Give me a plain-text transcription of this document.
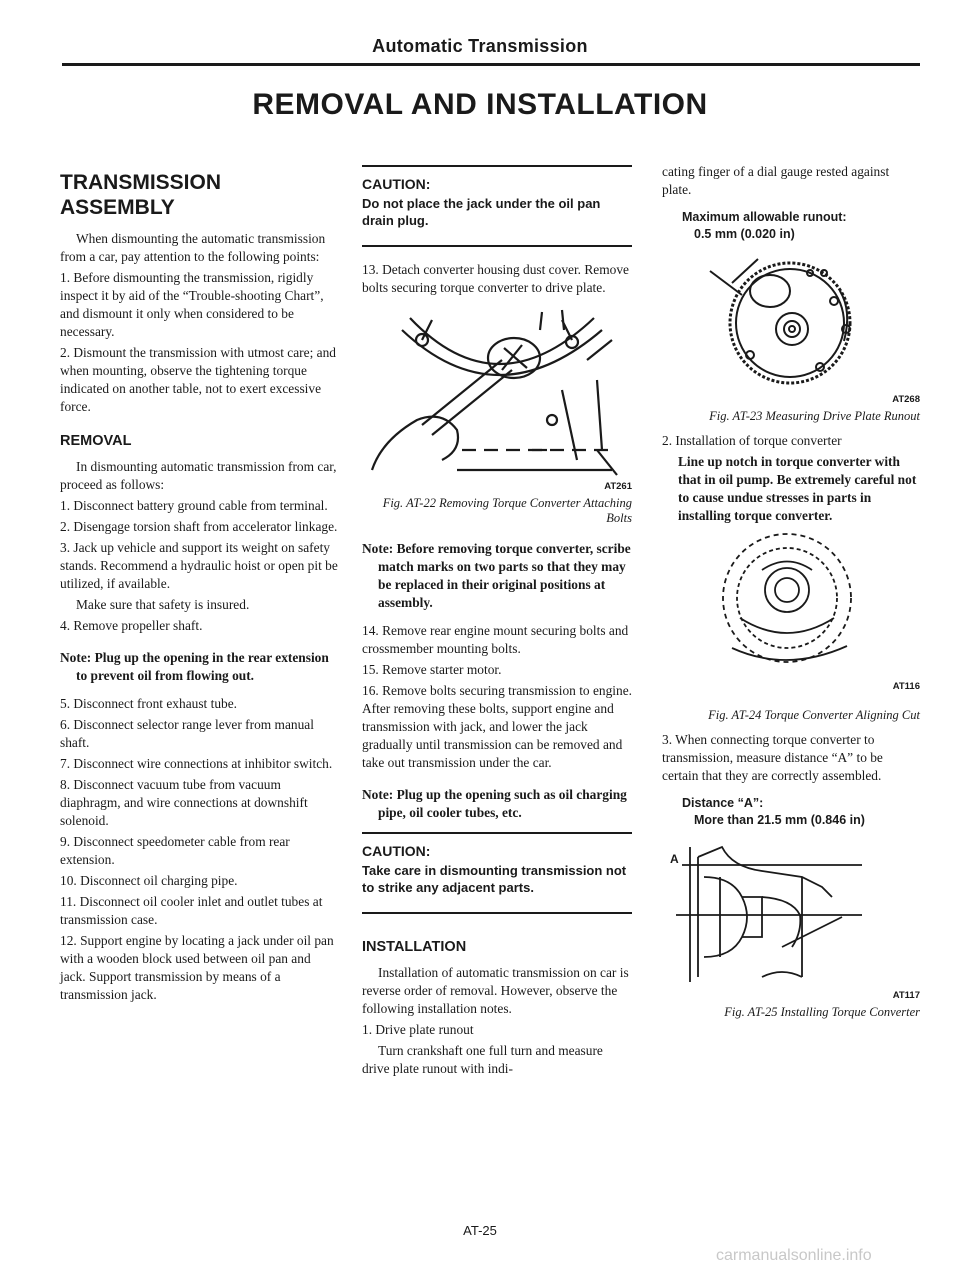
Automatic Transmission
REMOVAL AND INSTALLATION
TRANSMISSION
ASSEMBLY

When dismounting the automatic transmission from a car, pay attention to the following points:

1. Before dismounting the transmission, rigidly inspect it by aid of the “Trouble-shooting Chart”, and dismount it only when considered to be necessary.

2. Dismount the transmission with utmost care; and when mounting, observe the tightening torque indicated on another table, not to exert excessive force.

REMOVAL

In dismounting automatic transmission from car, proceed as follows:

1. Disconnect battery ground cable from terminal.

2. Disengage torsion shaft from accelerator linkage.

3. Jack up vehicle and support its weight on safety stands. Recommend a hydraulic hoist or open pit be utilized, if available.

Make sure that safety is insured.

4. Remove propeller shaft.

Note: Plug up the opening in the rear extension to prevent oil from flowing out.

5. Disconnect front exhaust tube.

6. Disconnect selector range lever from manual shaft.

7. Disconnect wire connections at inhibitor switch.

8. Disconnect vacuum tube from vacuum diaphragm, and wire connections at downshift solenoid.

9. Disconnect speedometer cable from rear extension.

10. Disconnect oil charging pipe.

11. Disconnect oil cooler inlet and outlet tubes at transmission case.

12. Support engine by locating a jack under oil pan with a wooden block used between oil pan and jack. Support transmission by means of a transmission jack.

CAUTION:
Do not place the jack under the oil pan drain plug.

13. Detach converter housing dust cover. Remove bolts securing torque converter to drive plate.

AT261
Fig. AT-22 Removing Torque Converter Attaching Bolts

Note: Before removing torque converter, scribe match marks on two parts so that they may be replaced in their original positions at assembly.

14. Remove rear engine mount securing bolts and crossmember mounting bolts.

15. Remove starter motor.

16. Remove bolts securing transmission to engine. After removing these bolts, support engine and transmission with jack, and lower the jack gradually until transmission can be removed and take out transmission under the car.

Note: Plug up the opening such as oil charging pipe, oil cooler tubes, etc.

CAUTION:
Take care in dismounting transmission not to strike any adjacent parts.
INSTALLATION

Installation of automatic transmission on car is reverse order of removal. However, observe the following installation notes.

1. Drive plate runout

Turn crankshaft one full turn and measure drive plate runout with indi-

cating finger of a dial gauge rested against plate.

Maximum allowable runout:
0.5 mm (0.020 in)
AT268
Fig. AT-23 Measuring Drive Plate Runout

2. Installation of torque converter

Line up notch in torque converter with that in oil pump. Be extremely careful not to cause undue stresses in parts in installing torque converter.

AT116
Fig. AT-24 Torque Converter Aligning Cut

3. When connecting torque converter to transmission, measure distance “A” to be certain that they are correctly assembled.

Distance “A”:
More than 21.5 mm (0.846 in)
A
AT117
Fig. AT-25 Installing Torque Converter
AT-25
carmanualsonline.info
